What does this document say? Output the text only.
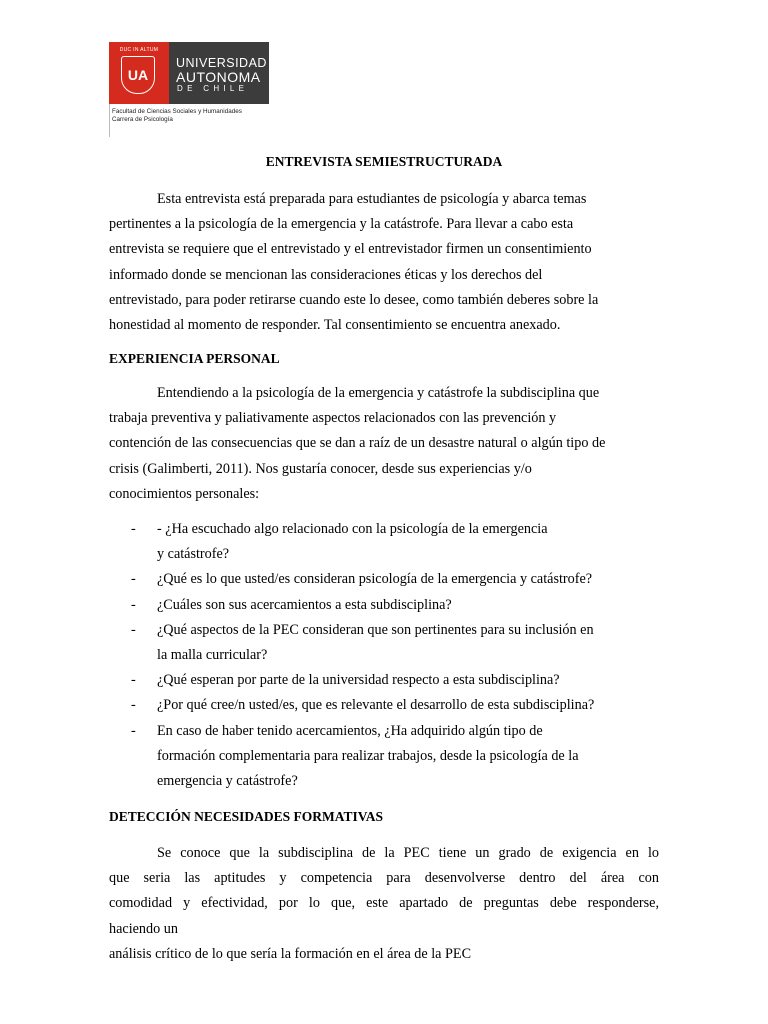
DUC IN ALTUM
UA
UNIVERSIDAD
AUTONOMA
DE CHILE
Facultad de Ciencias Sociales y Humanidades
Carrera de Psicología
ENTREVISTA SEMIESTRUCTURADA

Esta entrevista está preparada para estudiantes de psicología y abarca temas

pertinentes a la psicología de la emergencia y la catástrofe. Para llevar a cabo esta

entrevista se requiere que el entrevistado y el entrevistador firmen un consentimiento

informado donde se mencionan las consideraciones éticas y los derechos del

entrevistado, para poder retirarse cuando este lo desee, como también deberes sobre la

honestidad al momento de responder. Tal consentimiento se encuentra anexado.

EXPERIENCIA PERSONAL

Entendiendo a la psicología de la emergencia y catástrofe la subdisciplina que

trabaja preventiva y paliativamente aspectos relacionados con las prevención y

contención de las consecuencias que se dan a raíz de un desastre natural o algún tipo de

crisis (Galimberti, 2011). Nos gustaría conocer, desde sus experiencias y/o

conocimientos personales:

- - ¿Ha escuchado algo relacionado con la psicología de la emergencia
y catástrofe?
- ¿Qué es lo que usted/es consideran psicología de la emergencia y catástrofe?
- ¿Cuáles son sus acercamientos a esta subdisciplina?
- ¿Qué aspectos de la PEC consideran que son pertinentes para su inclusión en
la malla curricular?
- ¿Qué esperan por parte de la universidad respecto a esta subdisciplina?
- ¿Por qué cree/n usted/es, que es relevante el desarrollo de esta subdisciplina?
- En caso de haber tenido acercamientos, ¿Ha adquirido algún tipo de
formación complementaria para realizar trabajos, desde la psicología de la
emergencia y catástrofe?
DETECCIÓN NECESIDADES FORMATIVAS

Se conoce que la subdisciplina de la PEC tiene un grado de exigencia en lo

que seria las aptitudes y competencia para desenvolverse dentro del área con

comodidad y efectividad, por lo que, este apartado de preguntas debe responderse,

haciendo un

análisis crítico de lo que sería la formación en el área de la PEC
